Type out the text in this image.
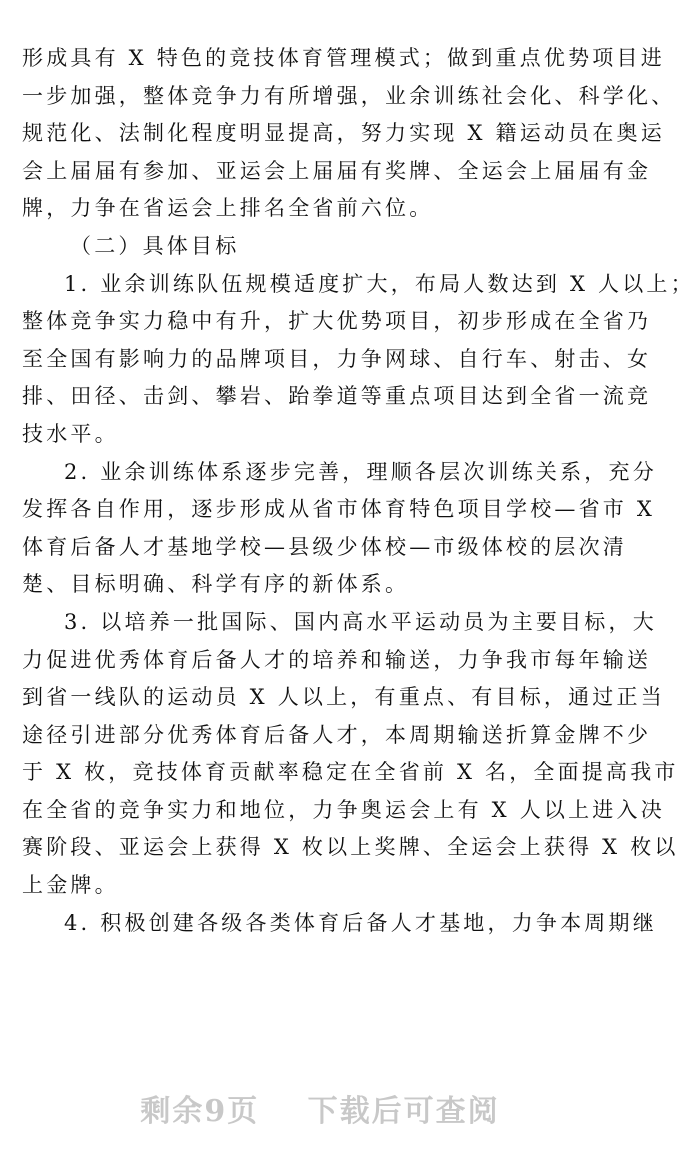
形成具有 X 特色的竞技体育管理模式；做到重点优势项目进
一步加强，整体竞争力有所增强，业余训练社会化、科学化、
规范化、法制化程度明显提高，努力实现 X 籍运动员在奥运
会上届届有参加、亚运会上届届有奖牌、全运会上届届有金
牌，力争在省运会上排名全省前六位。
（二）具体目标
1. 业余训练队伍规模适度扩大，布局人数达到 X 人以上；
整体竞争实力稳中有升，扩大优势项目，初步形成在全省乃
至全国有影响力的品牌项目，力争网球、自行车、射击、女
排、田径、击剑、攀岩、跆拳道等重点项目达到全省一流竞
技水平。
2. 业余训练体系逐步完善，理顺各层次训练关系，充分
发挥各自作用，逐步形成从省市体育特色项目学校—省市 X
体育后备人才基地学校—县级少体校—市级体校的层次清
楚、目标明确、科学有序的新体系。
3. 以培养一批国际、国内高水平运动员为主要目标，大
力促进优秀体育后备人才的培养和输送，力争我市每年输送
到省一线队的运动员 X 人以上，有重点、有目标，通过正当
途径引进部分优秀体育后备人才，本周期输送折算金牌不少
于 X 枚，竞技体育贡献率稳定在全省前 X 名，全面提高我市
在全省的竞争实力和地位，力争奥运会上有 X 人以上进入决
赛阶段、亚运会上获得 X 枚以上奖牌、全运会上获得 X 枚以
上金牌。
4. 积极创建各级各类体育后备人才基地，力争本周期继
剩余9页 下载后可查阅
